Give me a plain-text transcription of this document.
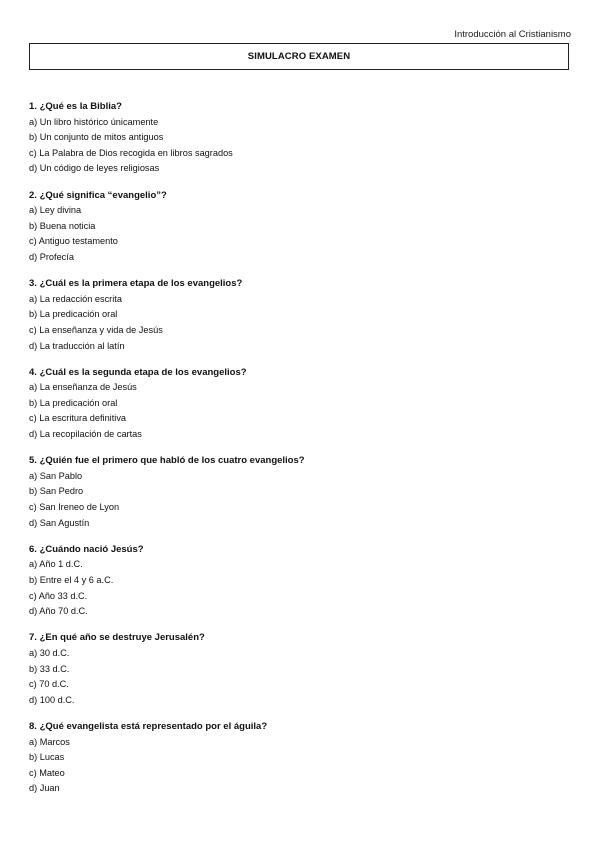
Introducción al Cristianismo
SIMULACRO EXAMEN
1. ¿Qué es la Biblia?
a) Un libro histórico únicamente
b) Un conjunto de mitos antiguos
c) La Palabra de Dios recogida en libros sagrados
d) Un código de leyes religiosas
2. ¿Qué significa “evangelio”?
a) Ley divina
b) Buena noticia
c) Antiguo testamento
d) Profecía
3. ¿Cuál es la primera etapa de los evangelios?
a) La redacción escrita
b) La predicación oral
c) La enseñanza y vida de Jesús
d) La traducción al latín
4. ¿Cuál es la segunda etapa de los evangelios?
a) La enseñanza de Jesús
b) La predicación oral
c) La escritura definitiva
d) La recopilación de cartas
5. ¿Quién fue el primero que habló de los cuatro evangelios?
a) San Pablo
b) San Pedro
c) San Ireneo de Lyon
d) San Agustín
6. ¿Cuándo nació Jesús?
a) Año 1 d.C.
b) Entre el 4 y 6 a.C.
c) Año 33 d.C.
d) Año 70 d.C.
7. ¿En qué año se destruye Jerusalén?
a) 30 d.C.
b) 33 d.C.
c) 70 d.C.
d) 100 d.C.
8. ¿Qué evangelista está representado por el águila?
a) Marcos
b) Lucas
c) Mateo
d) Juan
